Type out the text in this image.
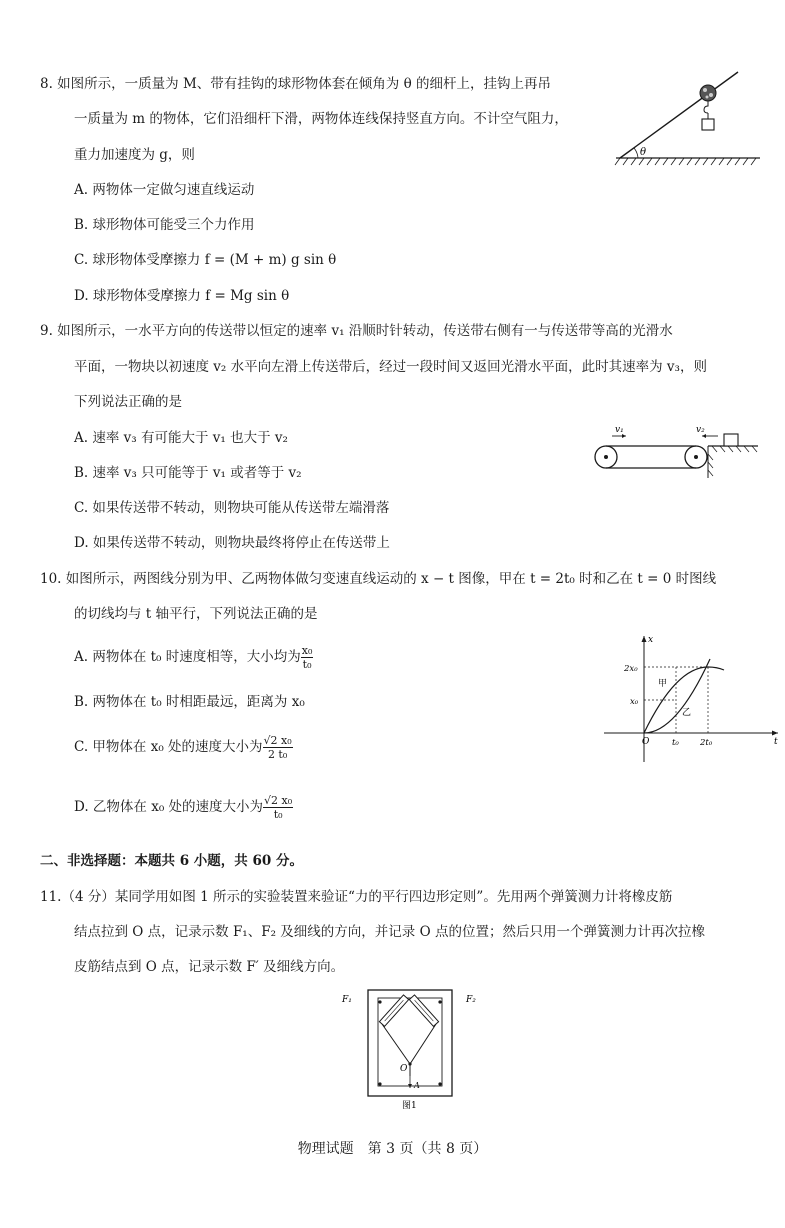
8. 如图所示，一质量为 M、带有挂钩的球形物体套在倾角为 θ 的细杆上，挂钩上再吊
一质量为 m 的物体，它们沿细杆下滑，两物体连线保持竖直方向。不计空气阻力，
重力加速度为 g，则
A. 两物体一定做匀速直线运动
B. 球形物体可能受三个力作用
C. 球形物体受摩擦力 f = (M + m) g sin θ
D. 球形物体受摩擦力 f = Mg sin θ
θ
9. 如图所示，一水平方向的传送带以恒定的速率 v₁ 沿顺时针转动，传送带右侧有一与传送带等高的光滑水
平面，一物块以初速度 v₂ 水平向左滑上传送带后，经过一段时间又返回光滑水平面，此时其速率为 v₃，则
下列说法正确的是
A. 速率 v₃ 有可能大于 v₁ 也大于 v₂
B. 速率 v₃ 只可能等于 v₁ 或者等于 v₂
C. 如果传送带不转动，则物块可能从传送带左端滑落
D. 如果传送带不转动，则物块最终将停止在传送带上
v₁	v₂
10. 如图所示，两图线分别为甲、乙两物体做匀变速直线运动的 x − t 图像，甲在 t = 2t₀ 时和乙在 t = 0 时图线
的切线均与 t 轴平行，下列说法正确的是
A. 两物体在 t₀ 时速度相等，大小均为 $\frac{\text{x₀}}{\text{t₀}}$
B. 两物体在 t₀ 时相距最远，距离为 x₀
C. 甲物体在 x₀ 处的速度大小为 $\frac{\text{√2 x₀}}{\text{2 t₀}}$
D. 乙物体在 x₀ 处的速度大小为 $\frac{\text{√2 x₀}}{\text{t₀}}$
x
t
O
2x₀
x₀
t₀ 2t₀
甲
乙
二、非选择题：本题共 6 小题，共 60 分。
11.（4 分）某同学用如图 1 所示的实验装置来验证“力的平行四边形定则”。先用两个弹簧测力计将橡皮筋
结点拉到 O 点，记录示数 F₁、F₂ 及细线的方向，并记录 O 点的位置；然后只用一个弹簧测力计再次拉橡
皮筋结点到 O 点，记录示数 F′ 及细线方向。
F₁	F₂
O
A
图1
物理试题　第 3 页（共 8 页）
